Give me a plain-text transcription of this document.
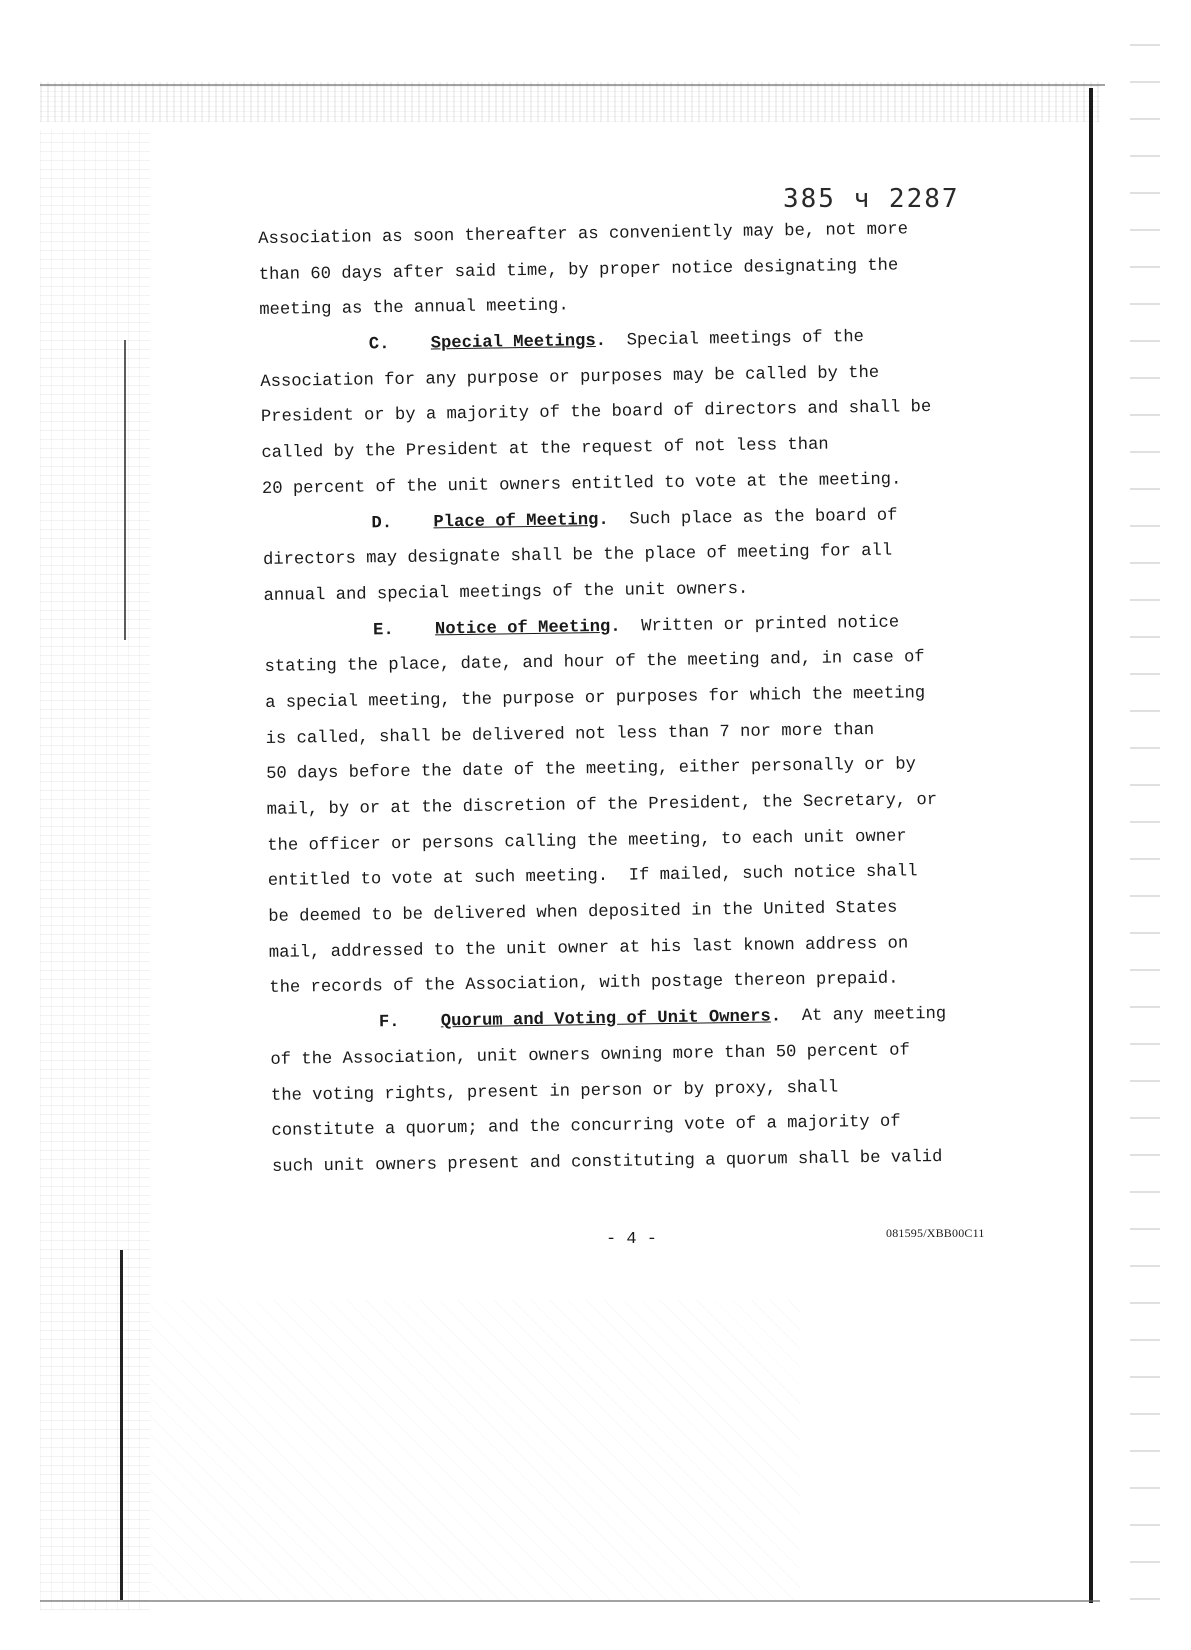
385 ч 2287
Association as soon thereafter as conveniently may be, not more
than 60 days after said time, by proper notice designating the
meeting as the annual meeting.
C. Special Meetings.  Special meetings of the
Association for any purpose or purposes may be called by the
President or by a majority of the board of directors and shall be
called by the President at the request of not less than
20 percent of the unit owners entitled to vote at the meeting.
D. Place of Meeting.  Such place as the board of
directors may designate shall be the place of meeting for all
annual and special meetings of the unit owners.
E. Notice of Meeting.  Written or printed notice
stating the place, date, and hour of the meeting and, in case of
a special meeting, the purpose or purposes for which the meeting
is called, shall be delivered not less than 7 nor more than
50 days before the date of the meeting, either personally or by
mail, by or at the discretion of the President, the Secretary, or
the officer or persons calling the meeting, to each unit owner
entitled to vote at such meeting.  If mailed, such notice shall
be deemed to be delivered when deposited in the United States
mail, addressed to the unit owner at his last known address on
the records of the Association, with postage thereon prepaid.
F. Quorum and Voting of Unit Owners.  At any meeting
of the Association, unit owners owning more than 50 percent of
the voting rights, present in person or by proxy, shall
constitute a quorum; and the concurring vote of a majority of
such unit owners present and constituting a quorum shall be valid
- 4 -	081595/XBB00C11
